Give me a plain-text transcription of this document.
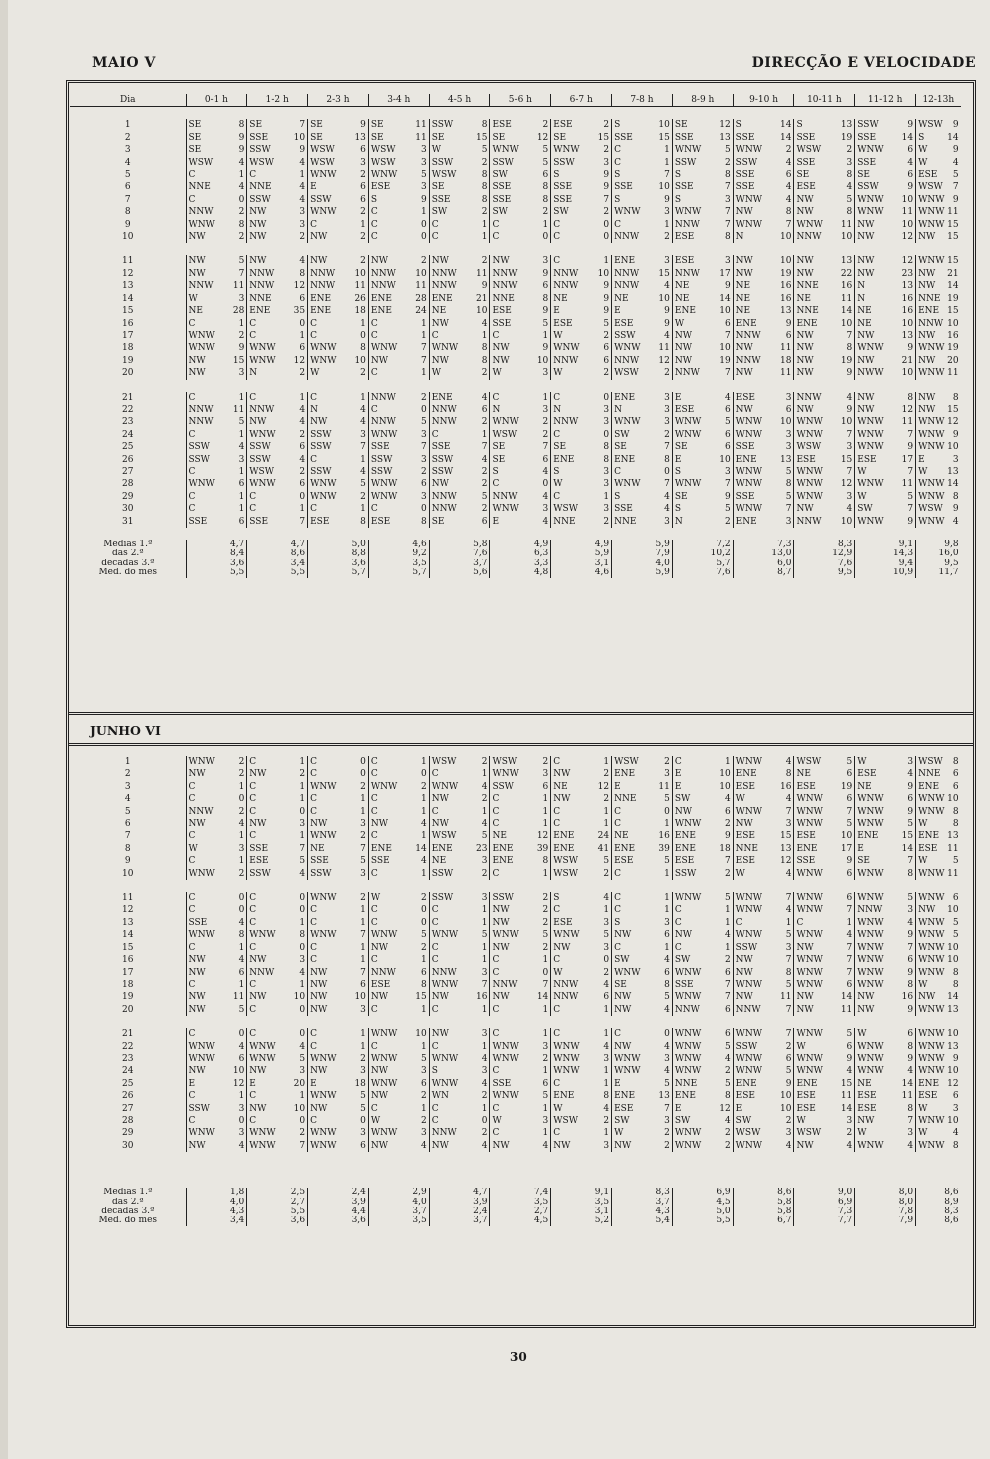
MAIO V	DIRECÇÃO E VELOCIDADE
Dia	0-1 h	1-2 h	2-3 h	3-4 h	4-5 h	5-6 h	6-7 h	7-8 h	8-9 h	9-10 h	10-11 h	11-12 h	12-13h

1	SE 8	SE 7	SE 9	SE 11	SSW 8	ESE 2	ESE 2	S 10	SE 12	S 14	S 13	SSW 9	WSW 9

2	SE 9	SSE 10	SE 13	SE 11	SE 15	SE 12	SE 15	SSE 15	SSE 13	SSE 14	SSE 19	SSE 14	S 14

3	SE 9	SSW 9	WSW 6	WSW 3	W 5	WNW 5	WNW 2	C 1	WNW 5	WNW 2	WSW 2	WNW 6	W 9

4	WSW 4	WSW 4	WSW 3	WSW 3	SSW 2	SSW 5	SSW 3	C 1	SSW 2	SSW 4	SSE 3	SSE 4	W 4

5	C 1	C 1	WNW 2	WNW 5	WSW 8	SW 6	S 9	S 7	S 8	SSE 6	SE 8	SE 6	ESE 5

6	NNE 4	NNE 4	E 6	ESE 3	SE 8	SSE 8	SSE 9	SSE 10	SSE 7	SSE 4	ESE 4	SSW 9	WSW 7

7	C 0	SSW 4	SSW 6	S 9	SSE 8	SSE 8	SSE 7	S 9	S 3	WNW 4	NW 5	WNW 10	WNW 9

8	NNW 2	NW 3	WNW 2	C 1	SW 2	SW 2	SW 2	WNW 3	WNW 7	NW 8	NW 8	WNW 11	WNW 11

9	WNW 8	NW 3	C 1	C 0	C 1	C 1	C 0	C 1	NNW 7	WNW 7	WNW 11	NW 10	WNW 15

10	NW 2	NW 2	NW 2	C 0	C 1	C 0	C 0	NNW 2	ESE 8	N 10	NNW 10	NW 12	NW 15

11	NW 5	NW 4	NW 2	NW 2	NW 2	NW 3	C 1	ENE 3	ESE 3	NW 10	NW 13	NW 12	WNW 15

12	NW 7	NNW 8	NNW 10	NNW 10	NNW 11	NNW 9	NNW 10	NNW 15	NNW 17	NW 19	NW 22	NW 23	NW 21

13	NNW 11	NNW 12	NNW 11	NNW 11	NNW 9	NNW 6	NNW 9	NNW 4	NE 9	NE 16	NNE 16	N 13	NW 14

14	W 3	NNE 6	ENE 26	ENE 28	ENE 21	NNE 8	NE 9	NE 10	NE 14	NE 16	NE 11	N 16	NNE 19

15	NE 28	ENE 35	ENE 18	ENE 24	NE 10	ESE 9	E 9	E 9	ENE 10	NE 13	NNE 14	NE 16	ENE 15

16	C 1	C 0	C 1	C 1	NW 4	SSE 5	ESE 5	ESE 9	W 6	ENE 9	ENE 10	NE 10	NNW 10

17	WNW 2	C 1	C 0	C 1	C 1	C 1	W 2	SSW 4	NW 7	NNW 6	NW 7	NW 13	NW 16

18	WNW 9	WNW 6	WNW 8	WNW 7	WNW 8	NW 9	WNW 6	WNW 11	NW 10	NW 11	NW 8	WNW 9	WNW 19

19	NW 15	WNW 12	WNW 10	NW 7	NW 8	NW 10	NNW 6	NNW 12	NW 19	NNW 18	NW 19	NW 21	NW 20

20	NW 3	N 2	W 2	C 1	W 2	W 3	W 2	WSW 2	NNW 7	NW 11	NW 9	NWW 10	WNW 11

21	C 1	C 1	C 1	NNW 2	ENE 4	C 1	C 0	ENE 3	E 4	ESE 3	NNW 4	NW 8	NW 8

22	NNW 11	NNW 4	N 4	C 0	NNW 6	N 3	N 3	N 3	ESE 6	NW 6	NW 9	NW 12	NW 15

23	NNW 5	NW 4	NW 4	NNW 5	NNW 2	WNW 2	NNW 3	WNW 3	WNW 5	WNW 10	WNW 10	WNW 11	WNW 12

24	C 1	WNW 2	SSW 3	WNW 3	C 1	WSW 2	C 0	SW 2	WNW 6	WNW 3	WNW 7	WNW 7	WNW 9

25	SSW 4	SSW 6	SSW 7	SSE 7	SSE 7	SE 7	SE 8	SE 7	SE 6	SSE 3	WSW 3	WNW 9	WNW 10

26	SSW 3	SSW 4	C 1	SSW 3	SSW 4	SE 6	ENE 8	ENE 8	E 10	ENE 13	ESE 15	ESE 17	E 3

27	C 1	WSW 2	SSW 4	SSW 2	SSW 2	S 4	S 3	C 0	S 3	WNW 5	WNW 7	W 7	W 13

28	WNW 6	WNW 6	WNW 5	WNW 6	NW 2	C 0	W 3	WNW 7	WNW 7	WNW 8	WNW 12	WNW 11	WNW 14

29	C 1	C 0	WNW 2	WNW 3	NNW 5	NNW 4	C 1	S 4	SE 9	SSE 5	WNW 3	W 5	WNW 8

30	C 1	C 1	C 1	C 0	NNW 2	WNW 3	WSW 3	SSE 4	S 5	WNW 7	NW 4	SW 7	WSW 9

31	SSE 6	SSE 7	ESE 8	ESE 8	SE 6	E 4	NNE 2	NNE 3	N 2	ENE 3	NNW 10	WNW 9	WNW 4

Médias 1.ª	4,7	4,7	5,0	4,6	5,8	4,9	4,9	5,9	7,2	7,3	8,3	9,1	9,8
das 2.ª	8,4	8,6	8,8	9,2	7,6	6,3	5,9	7,9	10,2	13,0	12,9	14,3	16,0
décadas 3.ª	3,6	3,4	3,6	3,5	3,7	3,3	3,1	4,0	5,7	6,0	7,6	9,4	9,5
Méd. do mês	5,5	5,5	5,7	5,7	5,6	4,8	4,6	5,9	7,6	8,7	9,5	10,9	11,7
JUNHO VI
1	WNW 2	C 1	C 0	C 1	WSW 2	WSW 2	C 1	WSW 2	C 1	WNW 4	WSW 5	W 3	WSW 8

2	NW 2	NW 2	C 0	C 0	C 1	WNW 3	NW 2	ENE 3	E 10	ENE 8	NE 6	ESE 4	NNE 6

3	C 1	C 1	WNW 2	WNW 2	WNW 4	SSW 6	NE 12	E 11	E 10	ESE 16	ESE 19	NE 9	ENE 6

4	C 0	C 1	C 1	C 1	NW 2	C 1	NW 2	NNE 5	SW 4	W 4	WNW 6	WNW 6	WNW 10

5	NNW 2	C 0	C 1	C 1	C 1	C 1	C 1	C 0	NW 6	WNW 7	WNW 7	WNW 9	WNW 8

6	NW 4	NW 3	NW 3	NW 4	NW 4	C 1	C 1	C 1	WNW 2	NW 3	WNW 5	WNW 5	W 8

7	C 1	C 1	WNW 2	C 1	WSW 5	NE 12	ENE 24	NE 16	ENE 9	ESE 15	ESE 10	ENE 15	ENE 13

8	W 3	SSE 7	NE 7	ENE 14	ENE 23	ENE 39	ENE 41	ENE 39	ENE 18	NNE 13	ENE 17	E 14	ESE 11

9	C 1	ESE 5	SSE 5	SSE 4	NE 3	ENE 8	WSW 5	ESE 5	ESE 7	ESE 12	SSE 9	SE 7	W 5

10	WNW 2	SSW 4	SSW 3	C 1	SSW 2	C 1	WSW 2	C 1	SSW 2	W 4	WNW 6	WNW 8	WNW 11

11	C 0	C 0	WNW 2	W 2	SSW 3	SSW 2	S 4	C 1	WNW 5	WNW 7	WNW 6	WNW 5	WNW 6

12	C 0	C 0	C 1	C 0	C 1	NW 2	C 1	C 1	C 1	WNW 4	WNW 7	NNW 3	NW 10

13	SSE 4	C 1	C 1	C 0	C 1	NW 2	ESE 3	S 3	C 1	C 1	C 1	WNW 4	WNW 5

14	WNW 8	WNW 8	WNW 7	WNW 5	WNW 5	WNW 5	WNW 5	NW 6	NW 4	WNW 5	WNW 4	WNW 9	WNW 5

15	C 1	C 0	C 1	NW 2	C 1	NW 2	NW 3	C 1	C 1	SSW 3	NW 7	WNW 7	WNW 10

16	NW 4	NW 3	C 1	C 1	C 1	C 1	C 0	SW 4	SW 2	NW 7	WNW 7	WNW 6	WNW 10

17	NW 6	NNW 4	NW 7	NNW 6	NNW 3	C 0	W 2	WNW 6	WNW 6	NW 8	WNW 7	WNW 9	WNW 8

18	C 1	C 1	NW 6	ESE 8	WNW 7	NNW 7	NNW 4	SE 8	SSE 7	WNW 5	WNW 6	WNW 8	W 8

19	NW 11	NW 10	NW 10	NW 15	NW 16	NW 14	NNW 6	NW 5	WNW 7	NW 11	NW 14	NW 16	NW 14

20	NW 5	C 0	NW 3	C 1	C 1	C 1	C 1	NW 4	NNW 6	NNW 7	NW 11	NW 9	WNW 13

21	C 0	C 0	C 1	WNW 10	NW 3	C 1	C 1	C 0	WNW 6	WNW 7	WNW 5	W 6	WNW 10

22	WNW 4	WNW 4	C 1	C 1	C 1	WNW 3	WNW 4	NW 4	WNW 5	SSW 2	W 6	WNW 8	WNW 13

23	WNW 6	WNW 5	WNW 2	WNW 5	WNW 4	WNW 2	WNW 3	WNW 3	WNW 4	WNW 6	WNW 9	WNW 9	WNW 9

24	NW 10	NW 3	NW 3	NW 3	S 3	C 1	WNW 1	WNW 4	WNW 2	WNW 5	WNW 4	WNW 4	WNW 10

25	E 12	E 20	E 18	WNW 6	WNW 4	SSE 6	C 1	E 5	NNE 5	ENE 9	ENE 15	NE 14	ENE 12

26	C 1	C 1	WNW 5	NW 2	WN 2	WNW 5	ENE 8	ENE 13	ENE 8	ESE 10	ESE 11	ESE 11	ESE 6

27	SSW 3	NW 10	NW 5	C 1	C 1	C 1	W 4	ESE 7	E 12	E 10	ESE 14	ESE 8	W 3

28	C 0	C 0	C 0	W 2	C 0	W 3	WSW 2	SW 3	SW 4	SW 2	W 3	NW 7	WNW 10

29	WNW 3	WNW 2	WNW 3	WNW 3	NNW 2	C 1	C 1	W 2	WNW 2	WSW 3	WSW 2	W 3	W 4

30	NW 4	WNW 7	WNW 6	NW 4	NW 4	NW 4	NW 3	NW 2	WNW 2	WNW 4	NW 4	WNW 4	WNW 8

Médias 1.ª	1,8	2,5	2,4	2,9	4,7	7,4	9,1	8,3	6,9	8,6	9,0	8,0	8,6
das 2.ª	4,0	2,7	3,9	4,0	3,9	3,5	3,5	3,7	4,5	5,8	6,9	8,0	8,9
décadas 3.ª	4,3	5,5	4,4	3,7	2,4	2,7	3,1	4,3	5,0	5,8	7,3	7,8	8,3
Méd. do mês	3,4	3,6	3,6	3,5	3,7	4,5	5,2	5,4	5,5	6,7	7,7	7,9	8,6
30
